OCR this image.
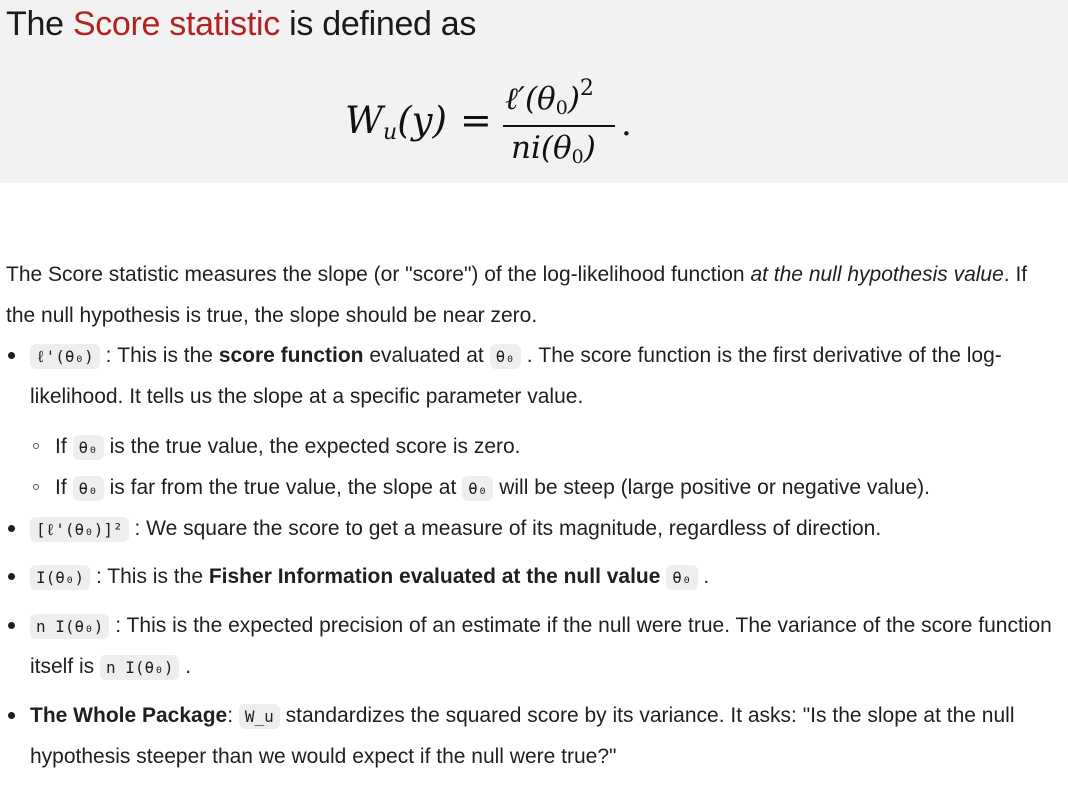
The Score statistic is defined as
$W_u(y)$ = $\ell'(\theta_0)^2$
$ni(\theta_0)$
.

The Score statistic measures the slope (or "score") of the log-likelihood function at the null hypothesis value. If the null hypothesis is true, the slope should be near zero.

ℓ'(θ₀) : This is the score function evaluated at θ₀ . The score function is the first derivative of the log-likelihood. It tells us the slope at a specific parameter value.
If θ₀ is the true value, the expected score is zero.
If θ₀ is far from the true value, the slope at θ₀ will be steep (large positive or negative value).
[ℓ'(θ₀)]² : We square the score to get a measure of its magnitude, regardless of direction.
I(θ₀) : This is the Fisher Information evaluated at the null value θ₀ .
n I(θ₀) : This is the expected precision of an estimate if the null were true. The variance of the score function itself is n I(θ₀) .
The Whole Package: W_u standardizes the squared score by its variance. It asks: "Is the slope at the null hypothesis steeper than we would expect if the null were true?"
